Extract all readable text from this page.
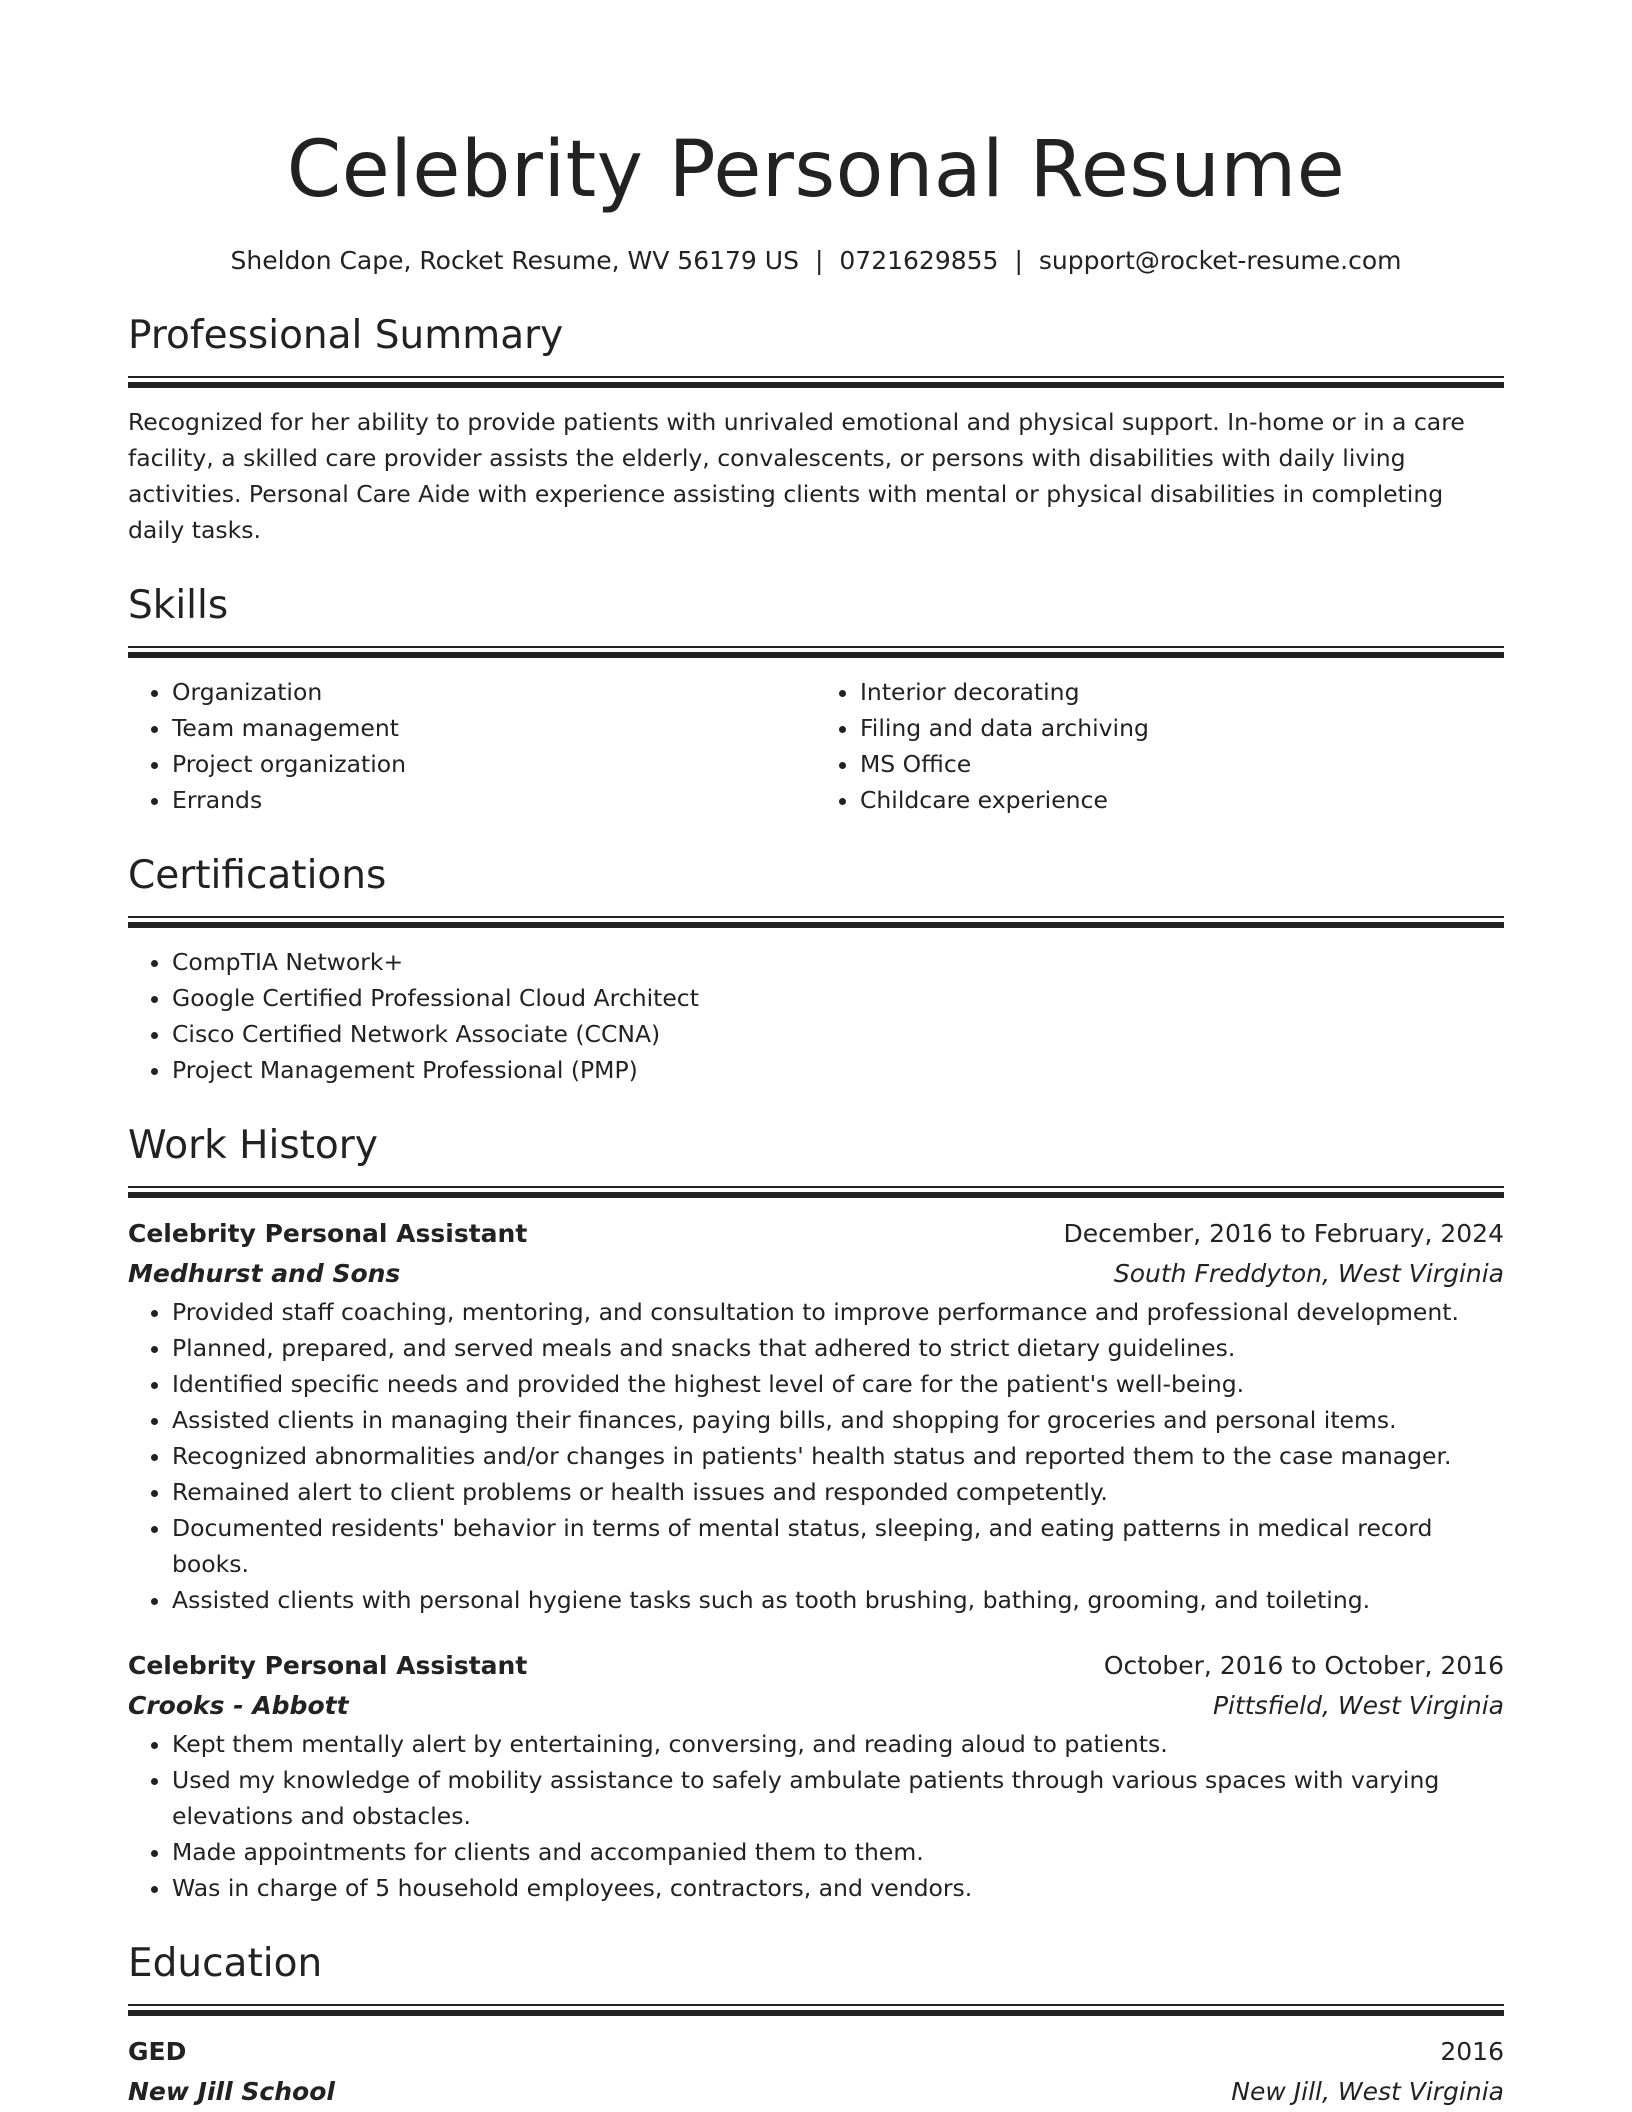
Celebrity Personal Resume
Sheldon Cape, Rocket Resume, WV 56179 US | 0721629855 | support@rocket-resume.com
Professional Summary

Recognized for her ability to provide patients with unrivaled emotional and physical support. In-home or in a care facility, a skilled care provider assists the elderly, convalescents, or persons with disabilities with daily living activities. Personal Care Aide with experience assisting clients with mental or physical disabilities in completing daily tasks.

Skills
• Organization
• Team management
• Project organization
• Errands
• Interior decorating
• Filing and data archiving
• MS Office
• Childcare experience
Certifications
• CompTIA Network+
• Google Certified Professional Cloud Architect
• Cisco Certified Network Associate (CCNA)
• Project Management Professional (PMP)
Work History
Celebrity Personal Assistant	December, 2016 to February, 2024
Medhurst and Sons	South Freddyton, West Virginia
• Provided staff coaching, mentoring, and consultation to improve performance and professional development.
• Planned, prepared, and served meals and snacks that adhered to strict dietary guidelines.
• Identified specific needs and provided the highest level of care for the patient's well-being.
• Assisted clients in managing their finances, paying bills, and shopping for groceries and personal items.
• Recognized abnormalities and/or changes in patients' health status and reported them to the case manager.
• Remained alert to client problems or health issues and responded competently.
• Documented residents' behavior in terms of mental status, sleeping, and eating patterns in medical record books.
• Assisted clients with personal hygiene tasks such as tooth brushing, bathing, grooming, and toileting.
Celebrity Personal Assistant	October, 2016 to October, 2016
Crooks - Abbott	Pittsfield, West Virginia
• Kept them mentally alert by entertaining, conversing, and reading aloud to patients.
• Used my knowledge of mobility assistance to safely ambulate patients through various spaces with varying elevations and obstacles.
• Made appointments for clients and accompanied them to them.
• Was in charge of 5 household employees, contractors, and vendors.
Education
GED	2016
New Jill School	New Jill, West Virginia
